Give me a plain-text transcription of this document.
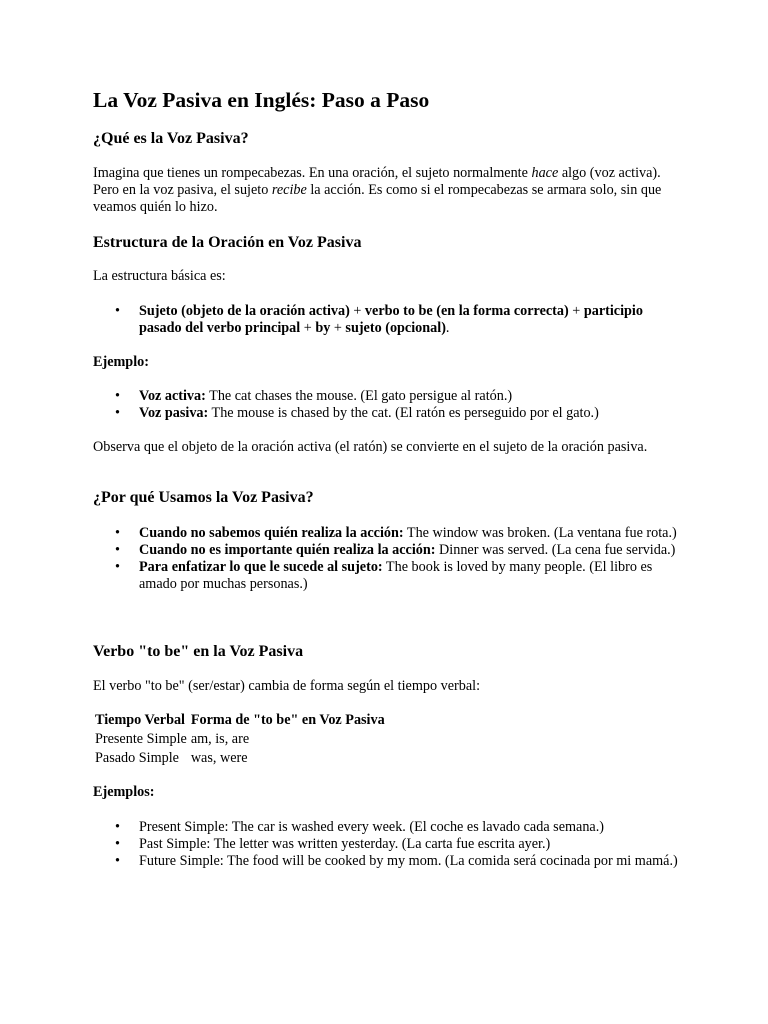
La Voz Pasiva en Inglés: Paso a Paso
¿Qué es la Voz Pasiva?

Imagina que tienes un rompecabezas. En una oración, el sujeto normalmente hace algo (voz activa). Pero en la voz pasiva, el sujeto recibe la acción. Es como si el rompecabezas se armara solo, sin que veamos quién lo hizo.

Estructura de la Oración en Voz Pasiva

La estructura básica es:

• Sujeto (objeto de la oración activa) + verbo to be (en la forma correcta) + participio pasado del verbo principal + by + sujeto (opcional).

Ejemplo:

• Voz activa: The cat chases the mouse. (El gato persigue al ratón.)
• Voz pasiva: The mouse is chased by the cat. (El ratón es perseguido por el gato.)

Observa que el objeto de la oración activa (el ratón) se convierte en el sujeto de la oración pasiva.

¿Por qué Usamos la Voz Pasiva?
• Cuando no sabemos quién realiza la acción: The window was broken. (La ventana fue rota.)
• Cuando no es importante quién realiza la acción: Dinner was served. (La cena fue servida.)
• Para enfatizar lo que le sucede al sujeto: The book is loved by many people. (El libro es amado por muchas personas.)
Verbo "to be" en la Voz Pasiva

El verbo "to be" (ser/estar) cambia de forma según el tiempo verbal:

Tiempo Verbal	Forma de "to be" en Voz Pasiva
Presente Simple	am, is, are
Pasado Simple	was, were

Ejemplos:

• Present Simple: The car is washed every week. (El coche es lavado cada semana.)
• Past Simple: The letter was written yesterday. (La carta fue escrita ayer.)
• Future Simple: The food will be cooked by my mom. (La comida será cocinada por mi mamá.)
